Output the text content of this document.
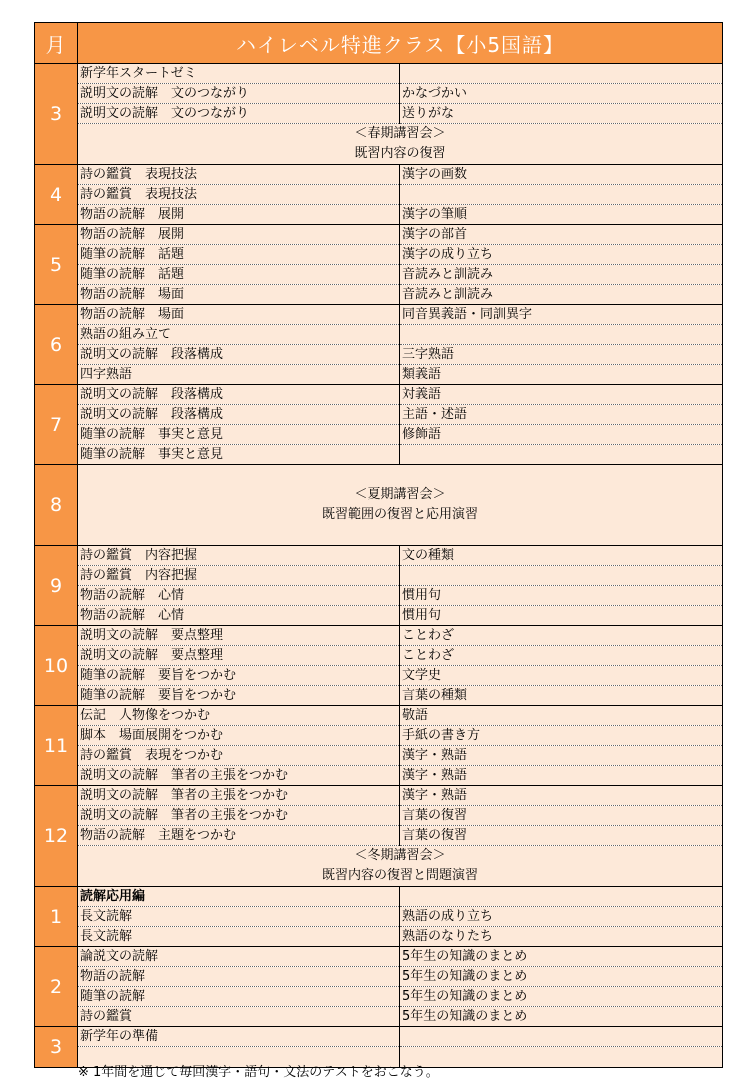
月	ハイレベル特進クラス【小5国語】	
3	新学年スタートゼミ	
	説明文の読解　文のつながり	かなづかい
	説明文の読解　文のつながり	送りがな

	＜春期講習会＞
既習内容の復習	

4	詩の鑑賞　表現技法	漢字の画数
	詩の鑑賞　表現技法	
	物語の読解　展開	漢字の筆順
5	物語の読解　展開	漢字の部首
	随筆の読解　話題	漢字の成り立ち
	随筆の読解　話題	音読みと訓読み
	物語の読解　場面	音読みと訓読み
6	物語の読解　場面	同音異義語・同訓異字
	熟語の組み立て	
	説明文の読解　段落構成	三字熟語
	四字熟語	類義語
7	説明文の読解　段落構成	対義語
	説明文の読解　段落構成	主語・述語
	随筆の読解　事実と意見	修飾語
	随筆の読解　事実と意見	
8	＜夏期講習会＞
既習範囲の復習と応用演習	

9	詩の鑑賞　内容把握	文の種類
	詩の鑑賞　内容把握	
	物語の読解　心情	慣用句
	物語の読解　心情	慣用句
10	説明文の読解　要点整理	ことわざ
	説明文の読解　要点整理	ことわざ
	随筆の読解　要旨をつかむ	文学史
	随筆の読解　要旨をつかむ	言葉の種類
11	伝記　人物像をつかむ	敬語
	脚本　場面展開をつかむ	手紙の書き方
	詩の鑑賞　表現をつかむ	漢字・熟語
	説明文の読解　筆者の主張をつかむ	漢字・熟語
12	説明文の読解　筆者の主張をつかむ	漢字・熟語
	説明文の読解　筆者の主張をつかむ	言葉の復習
	物語の読解　主題をつかむ	言葉の復習

	＜冬期講習会＞
既習内容の復習と問題演習	

1	読解応用編	
	長文読解	熟語の成り立ち
	長文読解	熟語のなりたち
2	論説文の読解	5年生の知識のまとめ
	物語の読解	5年生の知識のまとめ
	随筆の読解	5年生の知識のまとめ
	詩の鑑賞	5年生の知識のまとめ
3	新学年の準備	

※ 1年間を通じて毎回漢字・語句・文法のテストをおこなう。
